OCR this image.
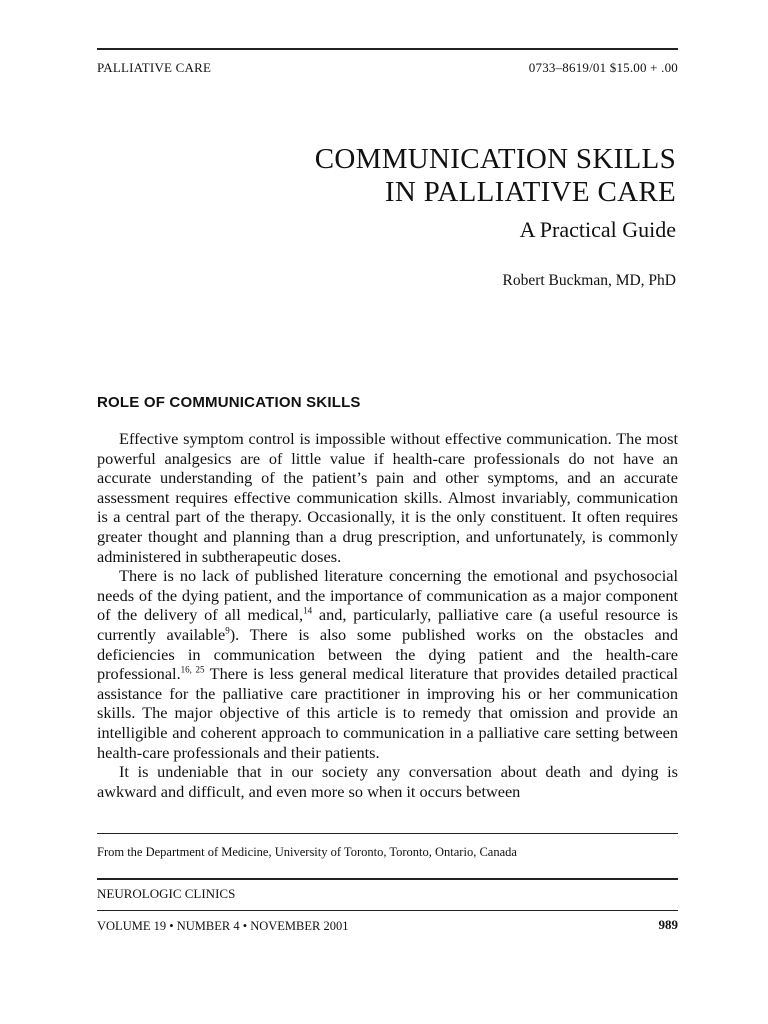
PALLIATIVE CARE	0733–8619/01 $15.00 + .00
COMMUNICATION SKILLS
IN PALLIATIVE CARE
A Practical Guide
Robert Buckman, MD, PhD
ROLE OF COMMUNICATION SKILLS

Effective symptom control is impossible without effective communication. The most powerful analgesics are of little value if health-care professionals do not have an accurate understanding of the patient’s pain and other symptoms, and an accurate assessment requires effective communication skills. Almost invariably, communication is a central part of the therapy. Occasionally, it is the only constituent. It often requires greater thought and planning than a drug prescription, and unfortunately, is commonly administered in subtherapeutic doses.

There is no lack of published literature concerning the emotional and psychosocial needs of the dying patient, and the importance of communication as a major component of the delivery of all medical,$^{14}$ and, particularly, palliative care (a useful resource is currently available$^9$). There is also some published works on the obstacles and deficiencies in communication between the dying patient and the health-care professional.$^{16, 25}$ There is less general medical literature that provides detailed practical assistance for the palliative care practitioner in improving his or her communication skills. The major objective of this article is to remedy that omission and provide an intelligible and coherent approach to communication in a palliative care setting between health-care professionals and their patients.

It is undeniable that in our society any conversation about death and dying is awkward and difficult, and even more so when it occurs between

From the Department of Medicine, University of Toronto, Toronto, Ontario, Canada
NEUROLOGIC CLINICS
VOLUME 19 • NUMBER 4 • NOVEMBER 2001	989
